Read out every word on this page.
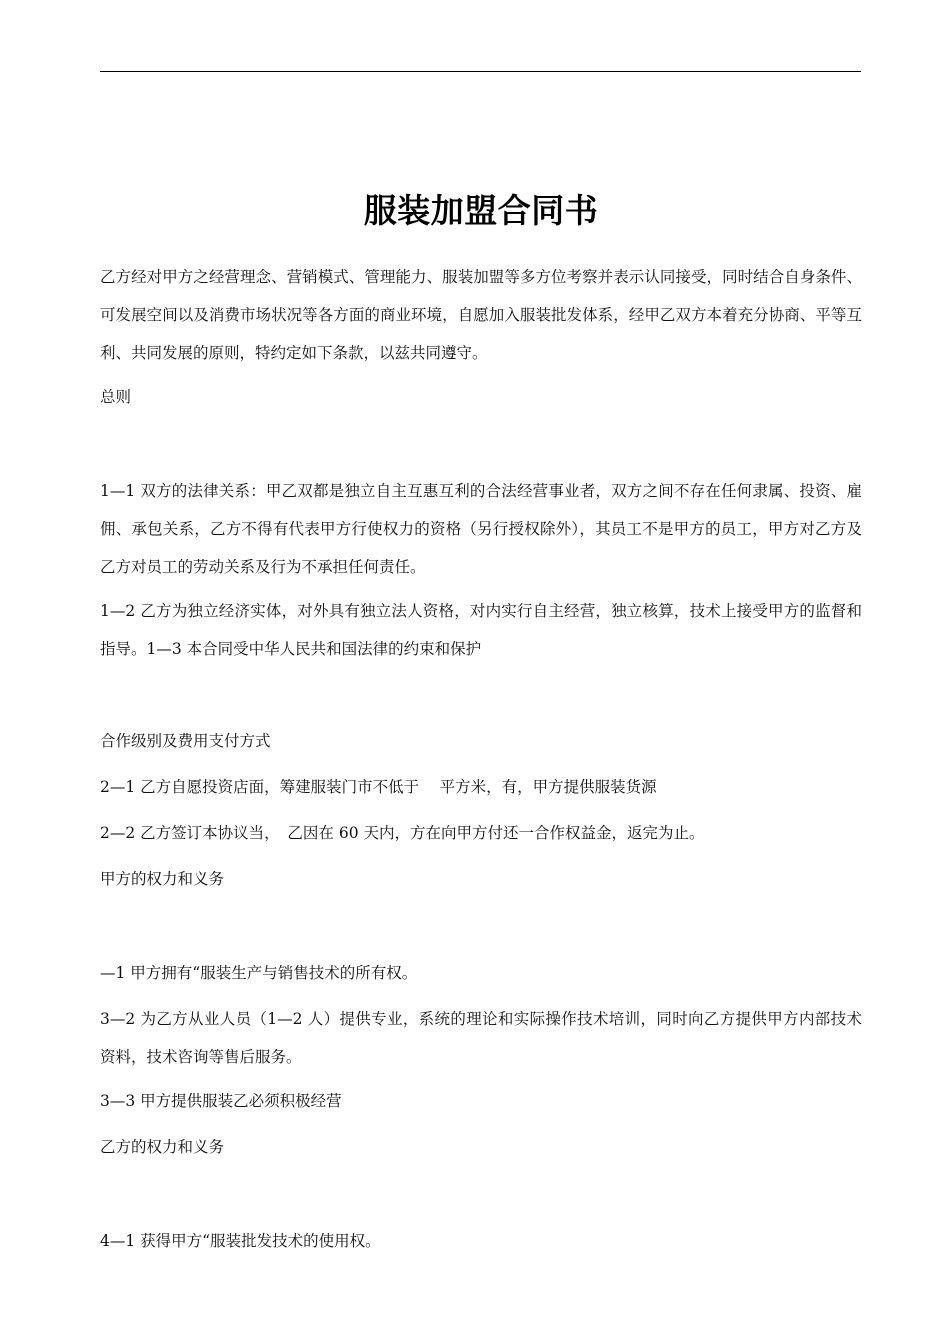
服装加盟合同书

乙方经对甲方之经营理念、营销模式、管理能力、服装加盟等多方位考察并表示认同接受，同时结合自身条件、可发展空间以及消费市场状况等各方面的商业环境，自愿加入服装批发体系，经甲乙双方本着充分协商、平等互利、共同发展的原则，特约定如下条款，以兹共同遵守。

总则

1—1 双方的法律关系：甲乙双都是独立自主互惠互利的合法经营事业者，双方之间不存在任何隶属、投资、雇佣、承包关系，乙方不得有代表甲方行使权力的资格（另行授权除外），其员工不是甲方的员工，甲方对乙方及乙方对员工的劳动关系及行为不承担任何责任。

1—2 乙方为独立经济实体，对外具有独立法人资格，对内实行自主经营，独立核算，技术上接受甲方的监督和指导。1—3 本合同受中华人民共和国法律的约束和保护

合作级别及费用支付方式

2—1 乙方自愿投资店面，筹建服装门市不低于　 平方米，有，甲方提供服装货源

2—2 乙方签订本协议当，　乙因在 60 天内，方在向甲方付还一合作权益金，返完为止。

甲方的权力和义务

—1 甲方拥有“服装生产与销售技术的所有权。

3—2 为乙方从业人员（1—2 人）提供专业，系统的理论和实际操作技术培训，同时向乙方提供甲方内部技术资料，技术咨询等售后服务。

3—3 甲方提供服装乙必须积极经营

乙方的权力和义务

4—1 获得甲方“服装批发技术的使用权。
